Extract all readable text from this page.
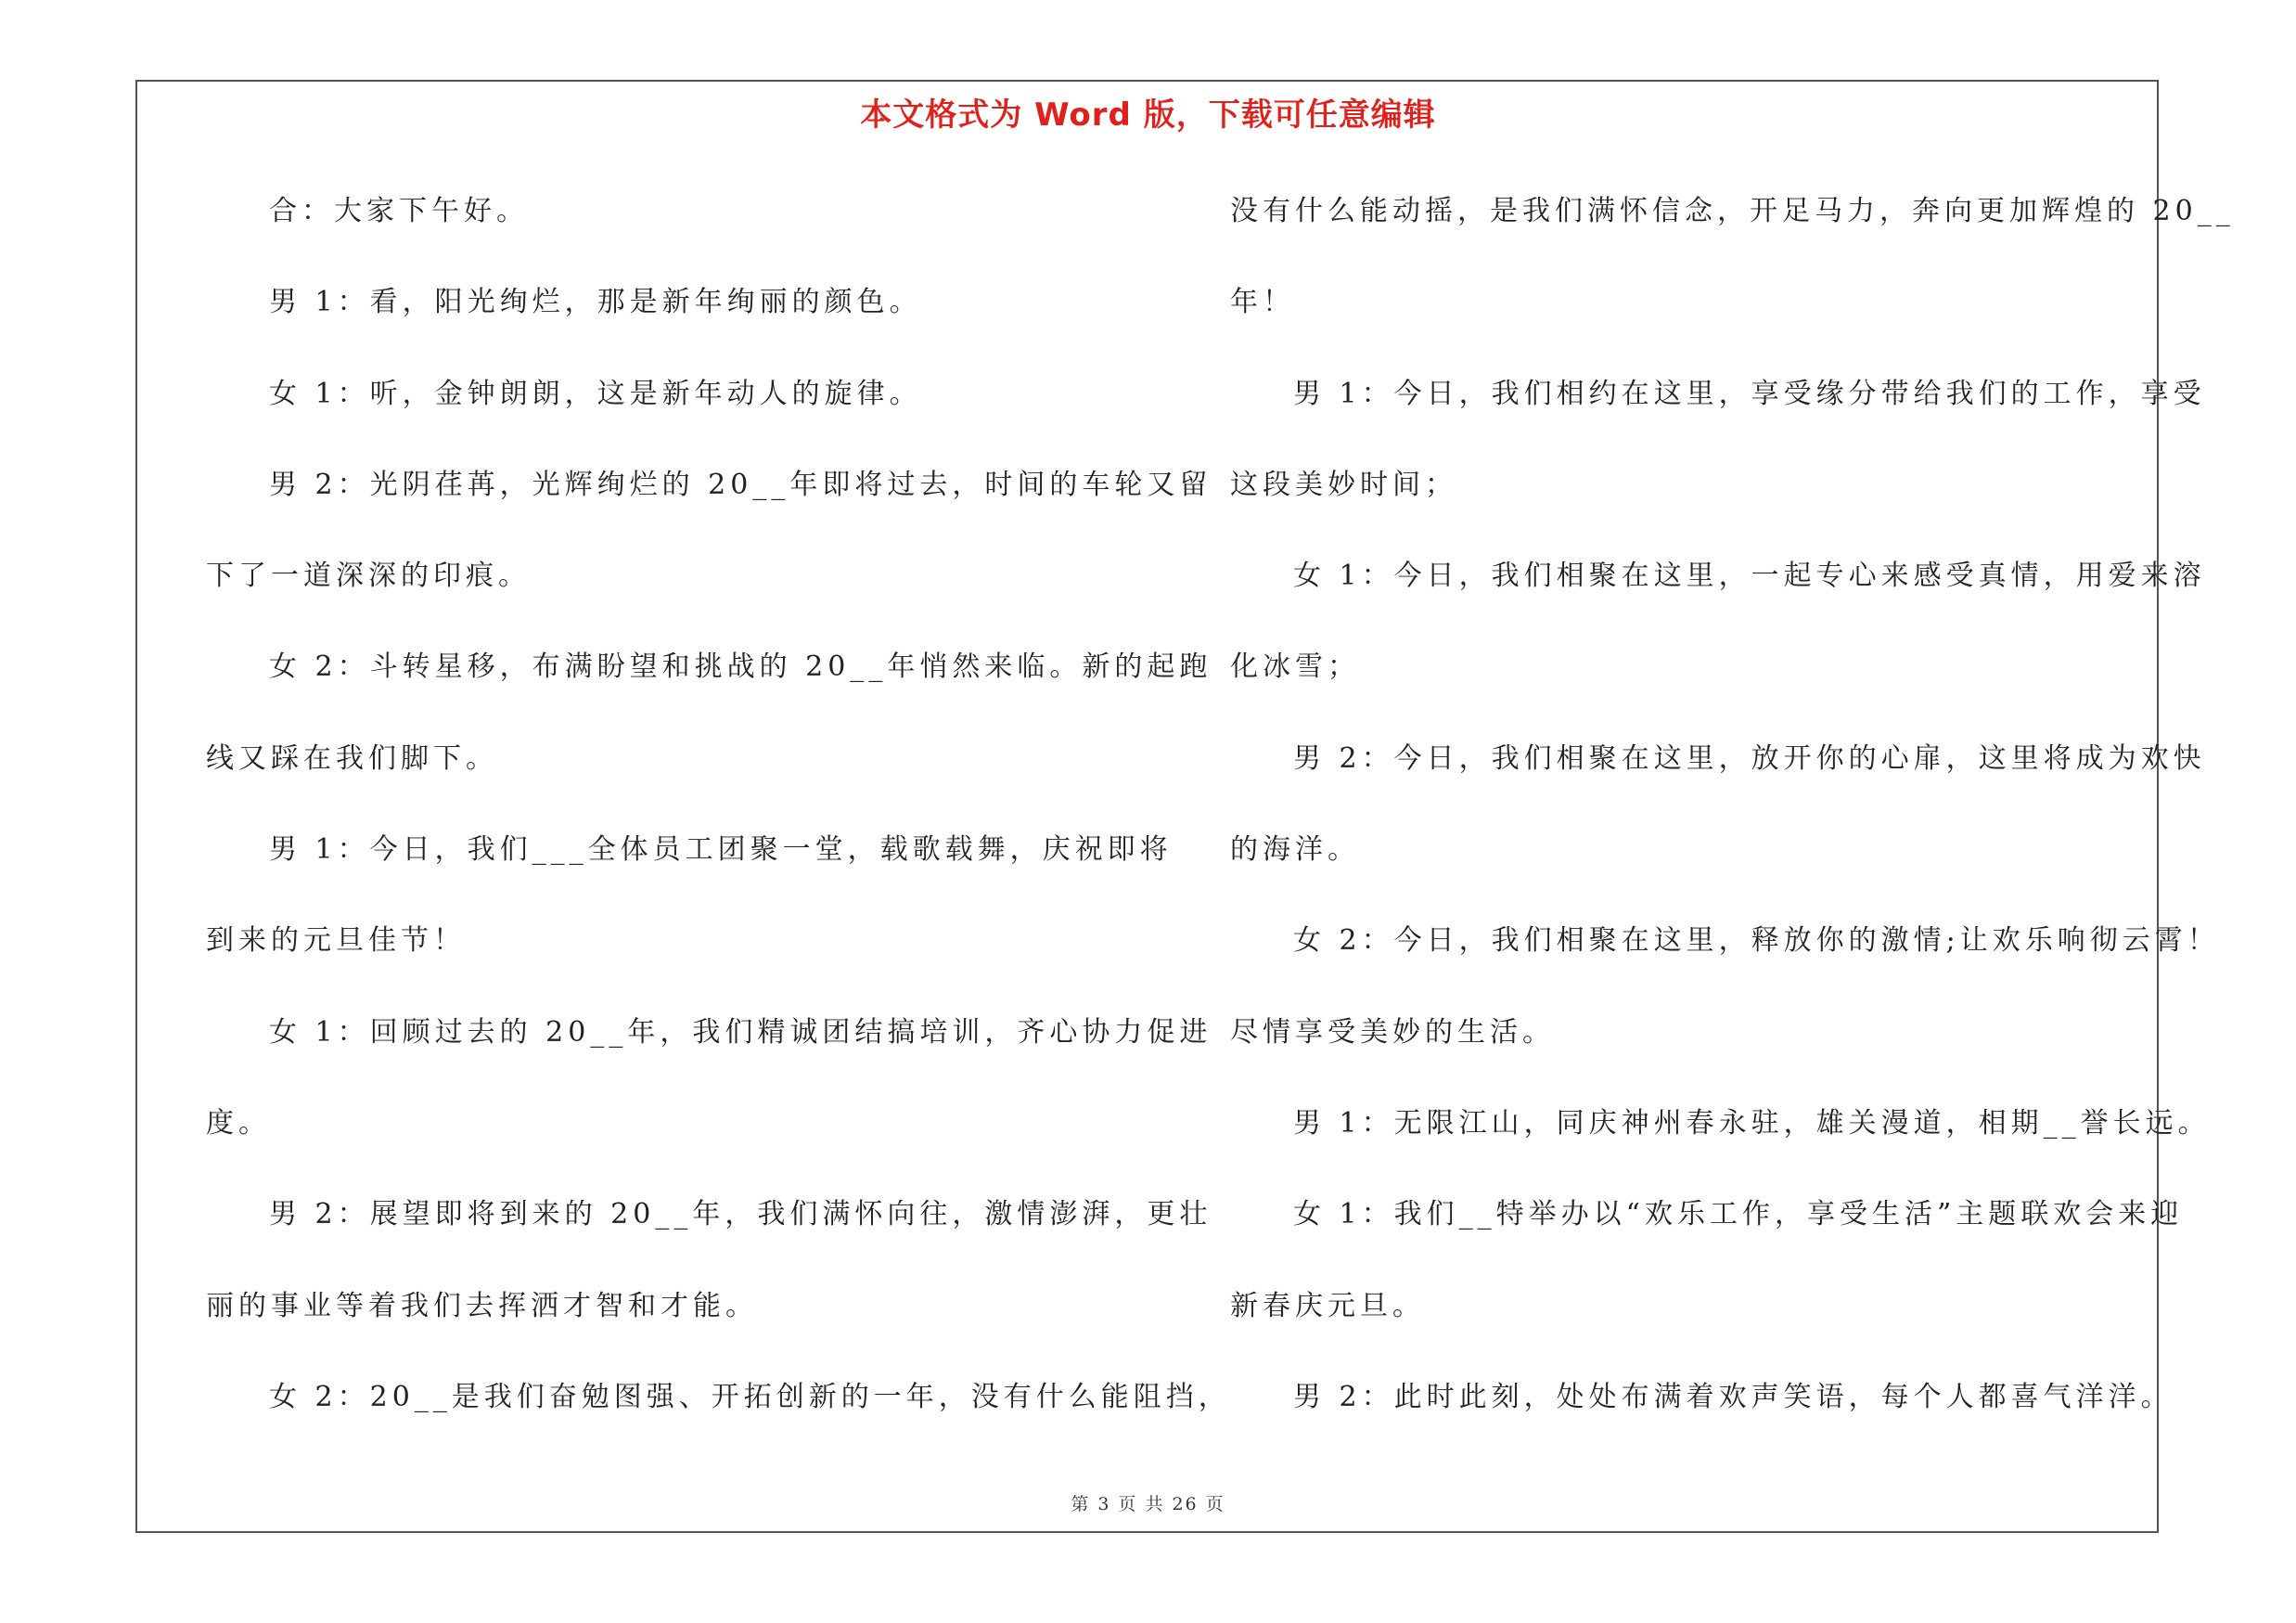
本文格式为 Word 版，下载可任意编辑
合：大家下午好。
男 1：看，阳光绚烂，那是新年绚丽的颜色。
女 1：听，金钟朗朗，这是新年动人的旋律。
男 2：光阴荏苒，光辉绚烂的 20__年即将过去，时间的车轮又留
下了一道深深的印痕。
女 2：斗转星移，布满盼望和挑战的 20__年悄然来临。新的起跑
线又踩在我们脚下。
男 1：今日，我们___全体员工团聚一堂，载歌载舞，庆祝即将
到来的元旦佳节！
女 1：回顾过去的 20__年，我们精诚团结搞培训，齐心协力促进
度。
男 2：展望即将到来的 20__年，我们满怀向往，激情澎湃，更壮
丽的事业等着我们去挥洒才智和才能。
女 2：20__是我们奋勉图强、开拓创新的一年，没有什么能阻挡，
没有什么能动摇，是我们满怀信念，开足马力，奔向更加辉煌的 20__
年！
男 1：今日，我们相约在这里，享受缘分带给我们的工作，享受
这段美妙时间；
女 1：今日，我们相聚在这里，一起专心来感受真情，用爱来溶
化冰雪；
男 2：今日，我们相聚在这里，放开你的心扉，这里将成为欢快
的海洋。
女 2：今日，我们相聚在这里，释放你的激情;让欢乐响彻云霄！
尽情享受美妙的生活。
男 1：无限江山，同庆神州春永驻，雄关漫道，相期__誉长远。
女 1：我们__特举办以“欢乐工作，享受生活”主题联欢会来迎
新春庆元旦。
男 2：此时此刻，处处布满着欢声笑语，每个人都喜气洋洋。
第 3 页 共 26 页
